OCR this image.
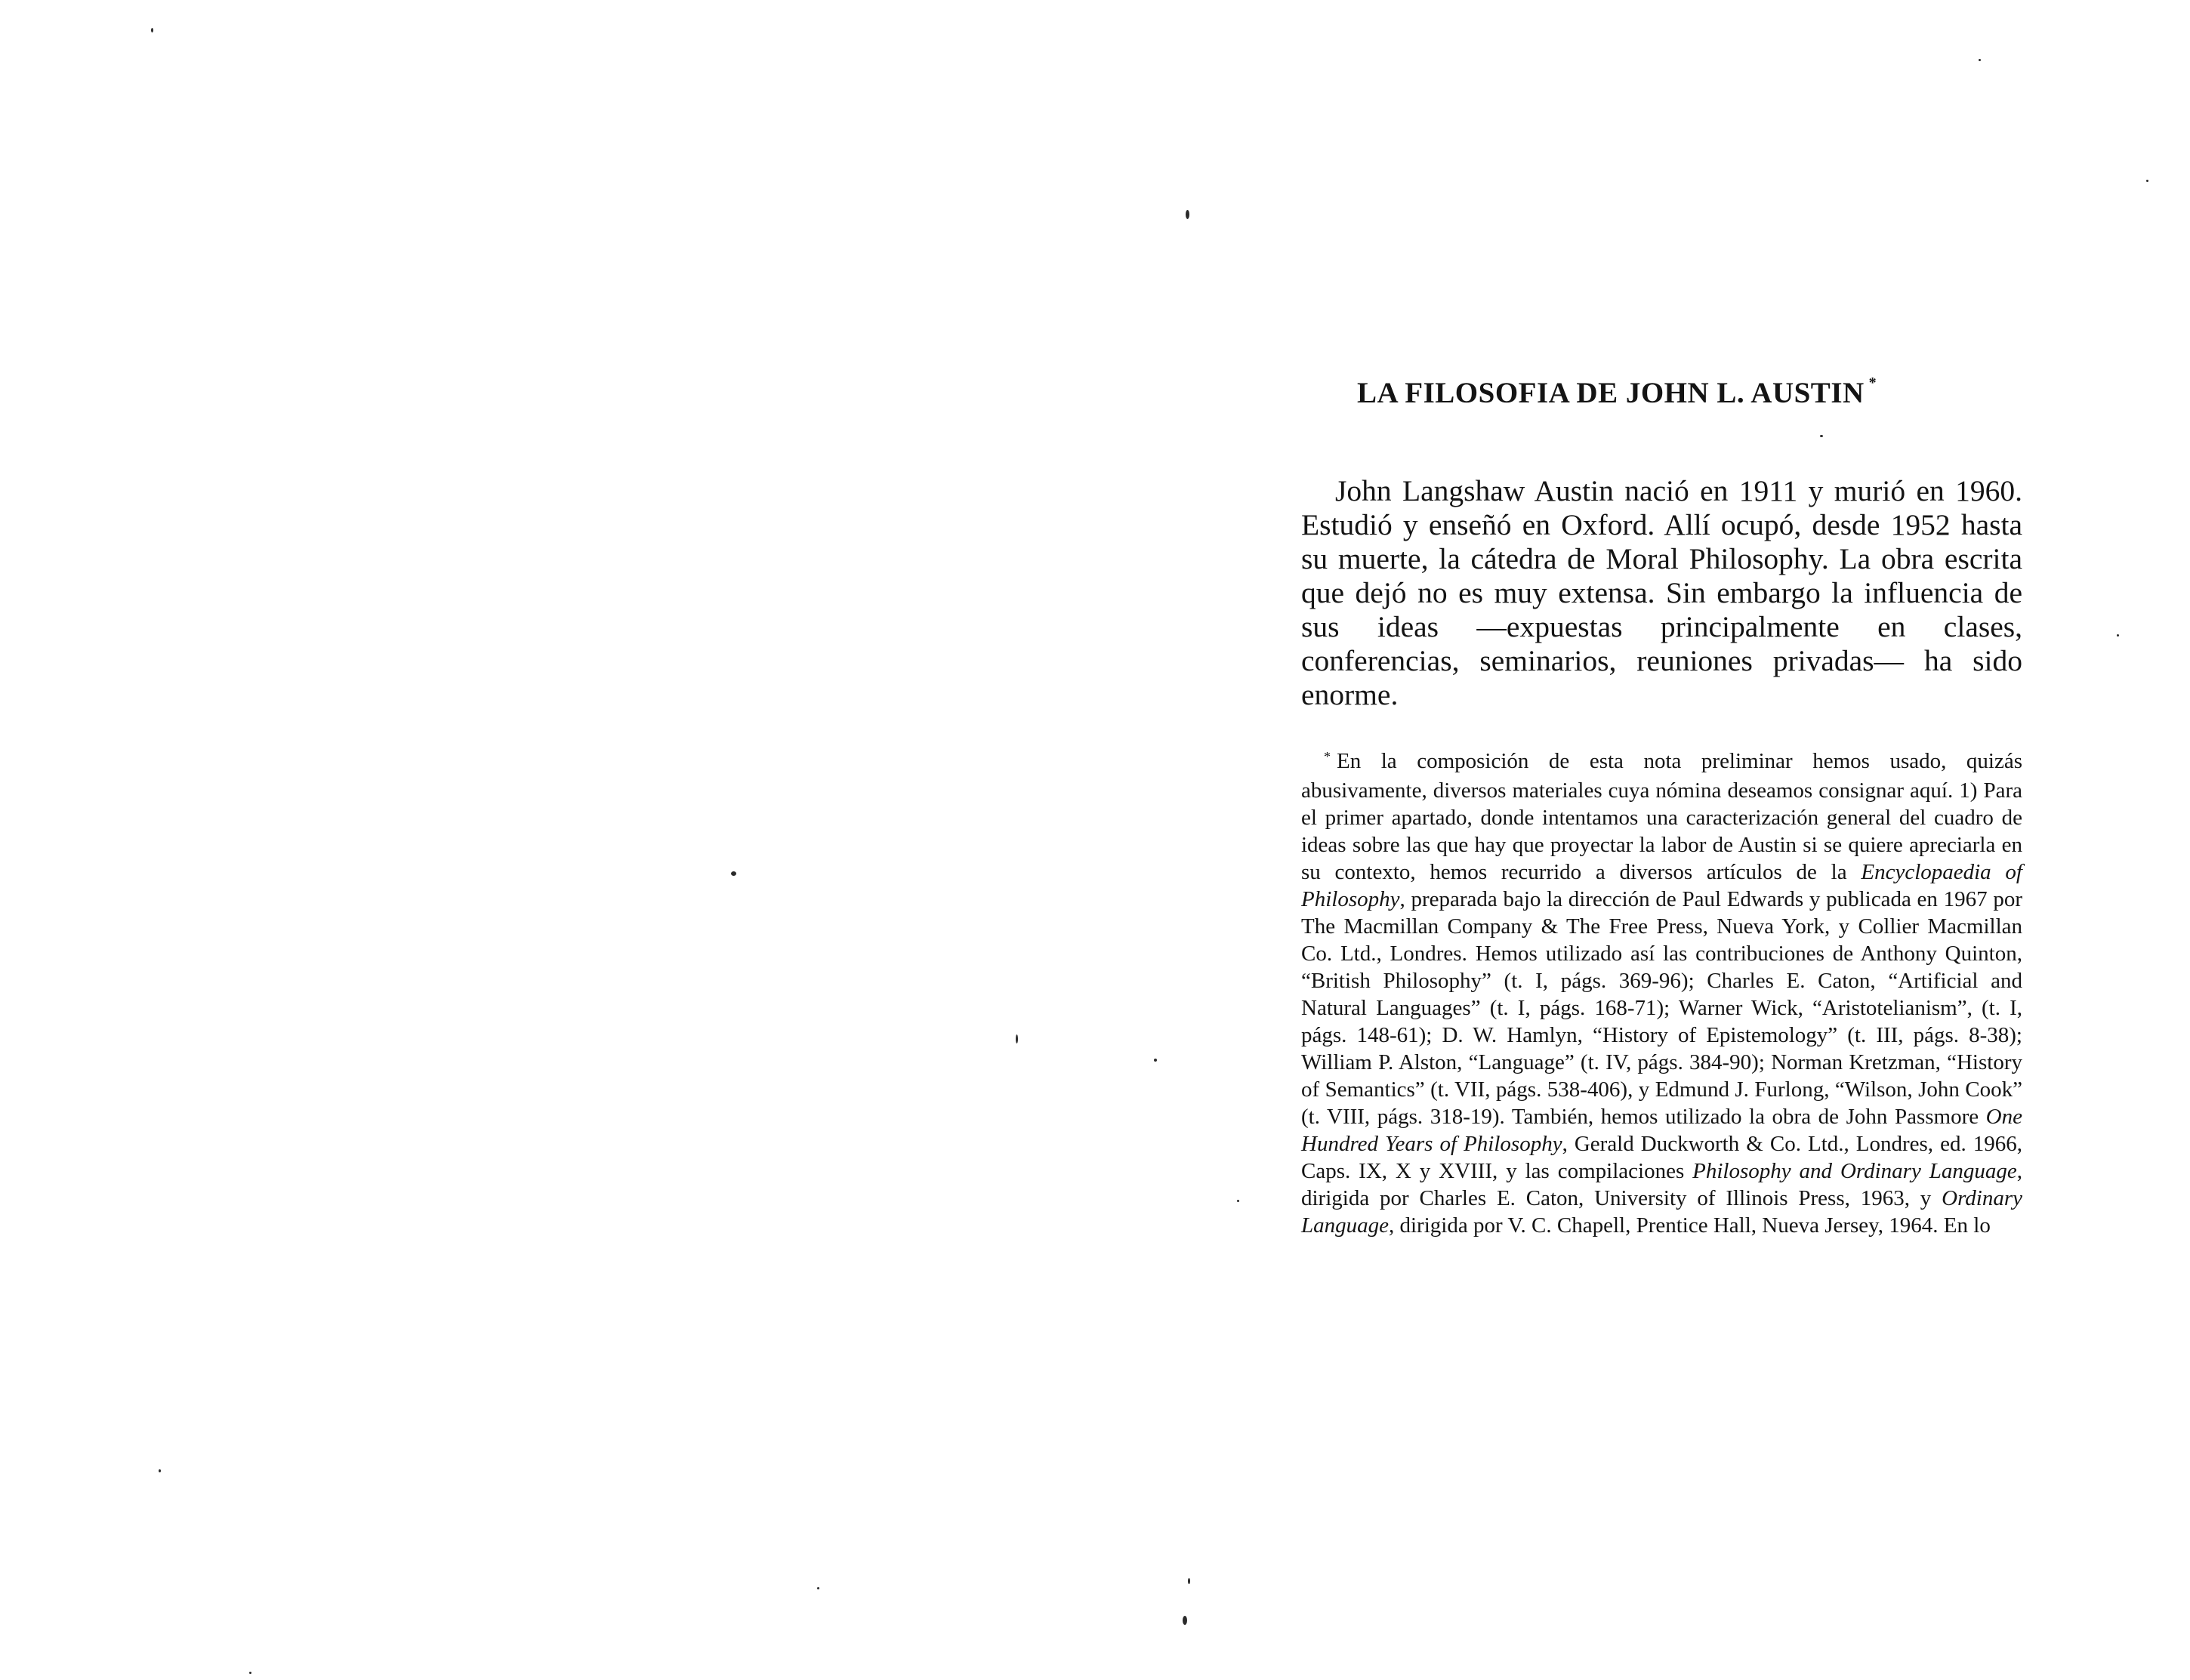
LA FILOSOFIA DE JOHN L. AUSTIN *

John Langshaw Austin nació en 1911 y murió en 1960. Estudió y enseñó en Oxford. Allí ocupó, desde 1952 hasta su muerte, la cátedra de Moral Philosophy. La obra escrita que dejó no es muy extensa. Sin embargo la influencia de sus ideas —expuestas principalmente en clases, conferencias, seminarios, reuniones privadas— ha sido enorme.

* En la composición de esta nota preliminar hemos usado, quizás abusivamente, diversos materiales cuya nómina deseamos consignar aquí. 1) Para el primer apartado, donde intentamos una caracterización general del cuadro de ideas sobre las que hay que proyectar la labor de Austin si se quiere apreciarla en su contexto, hemos recurrido a diversos artículos de la Encyclopaedia of Philosophy, preparada bajo la dirección de Paul Edwards y publicada en 1967 por The Macmillan Company & The Free Press, Nueva York, y Collier Macmillan Co. Ltd., Londres. Hemos utilizado así las contribuciones de Anthony Quinton, “British Philosophy” (t. I, págs. 369-96); Charles E. Caton, “Artificial and Natural Languages” (t. I, págs. 168-71); Warner Wick, “Aristotelianism”, (t. I, págs. 148-61); D. W. Hamlyn, “History of Epistemology” (t. III, págs. 8-38); William P. Alston, “Language” (t. IV, págs. 384-90); Norman Kretzman, “History of Semantics” (t. VII, págs. 538-406), y Edmund J. Furlong, “Wilson, John Cook” (t. VIII, págs. 318-19). También, hemos utilizado la obra de John Passmore One Hundred Years of Philosophy, Gerald Duckworth & Co. Ltd., Londres, ed. 1966, Caps. IX, X y XVIII, y las compilaciones Philosophy and Ordinary Language, dirigida por Charles E. Caton, University of Illinois Press, 1963, y Ordinary Language, dirigida por V. C. Chapell, Prentice Hall, Nueva Jersey, 1964. En lo
